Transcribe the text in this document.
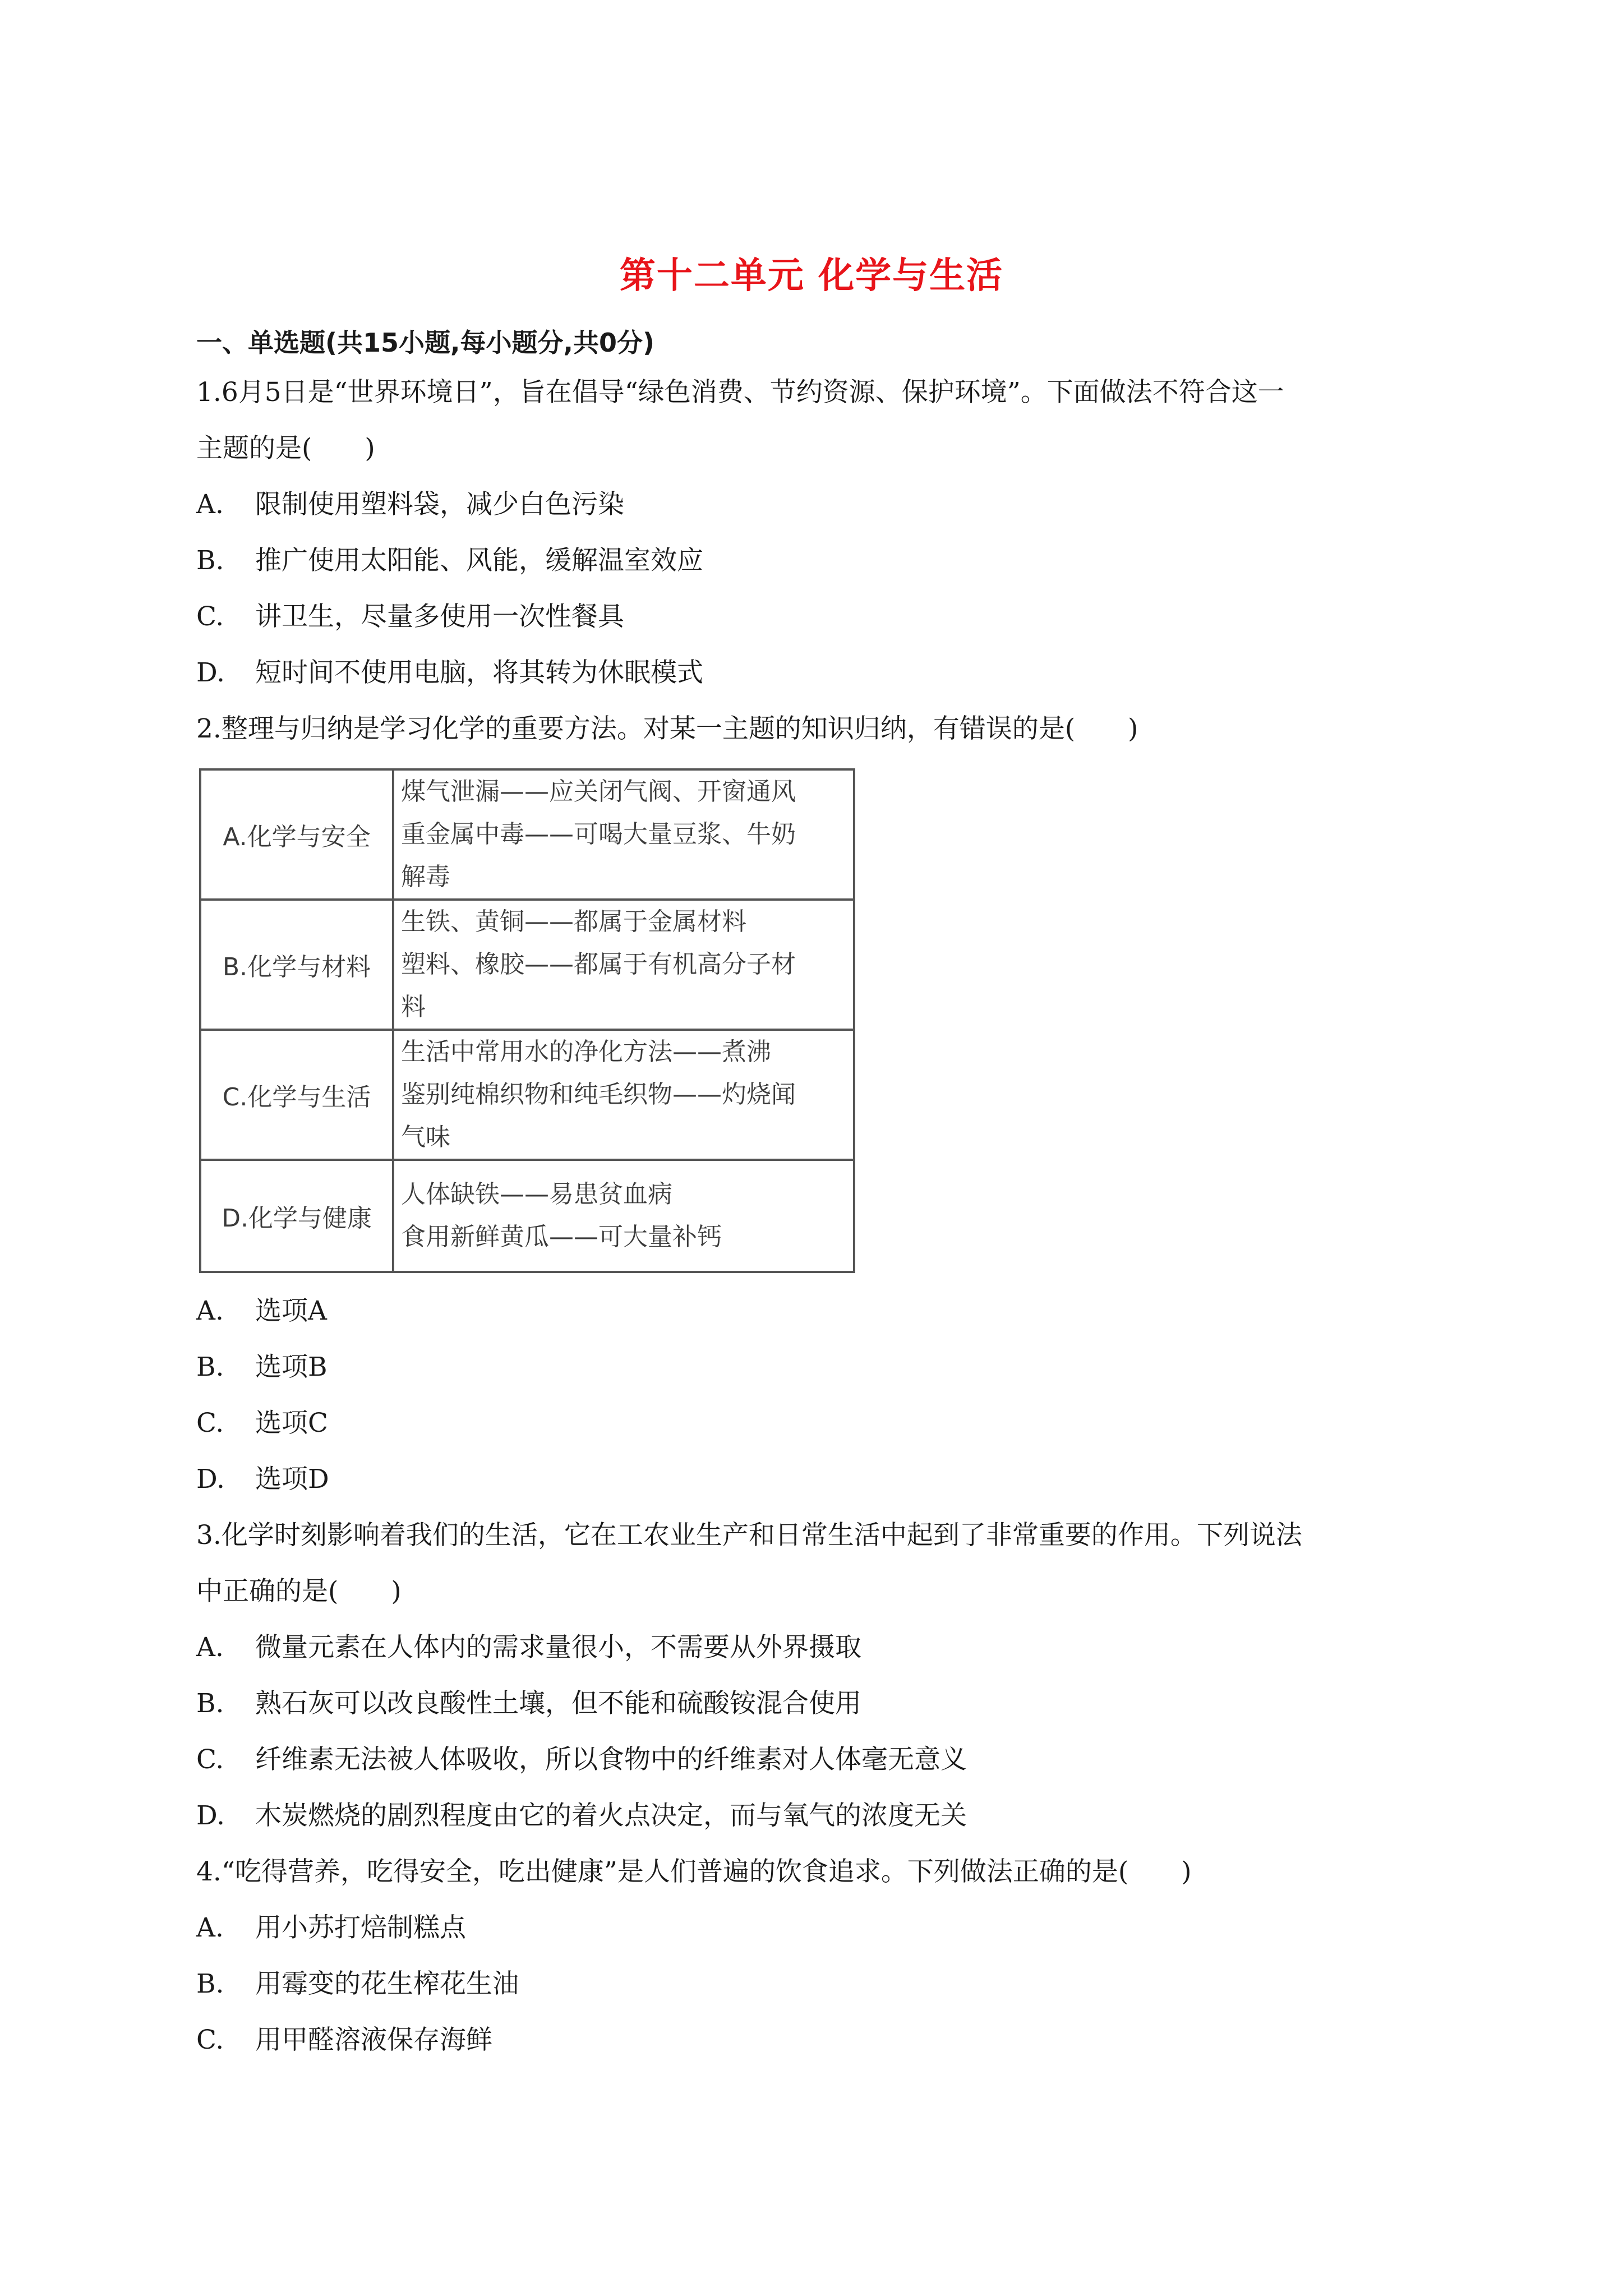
第十二单元 化学与生活
一、单选题(共15小题,每小题分,共0分)
1.6月5日是“世界环境日”，旨在倡导“绿色消费、节约资源、保护环境”。下面做法不符合这一
主题的是(　　)
A. 限制使用塑料袋，减少白色污染
B. 推广使用太阳能、风能，缓解温室效应
C. 讲卫生，尽量多使用一次性餐具
D. 短时间不使用电脑，将其转为休眠模式
2.整理与归纳是学习化学的重要方法。对某一主题的知识归纳，有错误的是(　　)
A.化学与安全	煤气泄漏——应关闭气阀、开窗通风
重金属中毒——可喝大量豆浆、牛奶
解毒

B.化学与材料	生铁、黄铜——都属于金属材料
塑料、橡胶——都属于有机高分子材
料

C.化学与生活	生活中常用水的净化方法——煮沸
鉴别纯棉织物和纯毛织物——灼烧闻
气味

D.化学与健康	人体缺铁——易患贫血病
食用新鲜黄瓜——可大量补钙
A. 选项A
B. 选项B
C. 选项C
D. 选项D
3.化学时刻影响着我们的生活，它在工农业生产和日常生活中起到了非常重要的作用。下列说法
中正确的是(　　)
A. 微量元素在人体内的需求量很小，不需要从外界摄取
B. 熟石灰可以改良酸性土壤，但不能和硫酸铵混合使用
C. 纤维素无法被人体吸收，所以食物中的纤维素对人体毫无意义
D. 木炭燃烧的剧烈程度由它的着火点决定，而与氧气的浓度无关
4.“吃得营养，吃得安全，吃出健康”是人们普遍的饮食追求。下列做法正确的是(　　)
A. 用小苏打焙制糕点
B. 用霉变的花生榨花生油
C. 用甲醛溶液保存海鲜
